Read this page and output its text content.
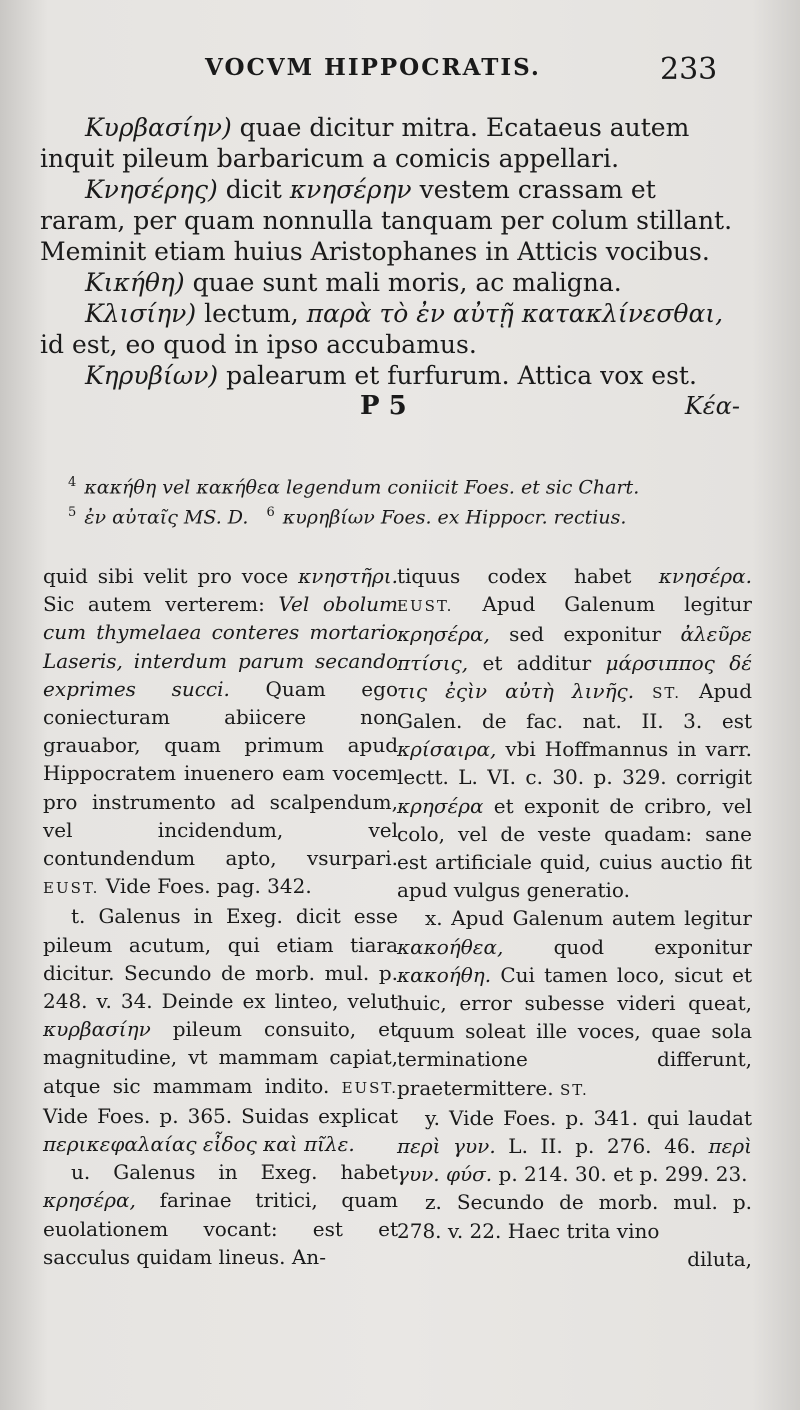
VOCVM HIPPOCRATIS.	233

Κυρβασίην) quae dicitur mitra. Ecataeus autem inquit pileum barbaricum a comicis appellari.

Κνησέρης) dicit κνησέρην vestem crassam et raram, per quam nonnulla tanquam per colum stillant. Meminit etiam huius Aristophanes in Atticis vocibus.

Κικήθη) quae sunt mali moris, ac maligna.

Κλισίην) lectum, παρὰ τὸ ἐν αὐτῇ κατακλίνεσθαι, id est, eo quod in ipso accubamus.

Κηρυβίων) palearum et furfurum. Attica vox est.

P 5	Κέα-

$^4$ κακήθη vel κακήθεα legendum coniicit Foes. et sic Chart.

$^5$ ἐν αὐταῖς MS. D. $^6$ κυρηβίων Foes. ex Hippocr. rectius.

quid sibi velit pro voce κνηστῆρι. Sic autem verterem: Vel obolum cum thymelaea conteres mortario Laseris, interdum parum secando exprimes succi. Quam ego coniecturam abiicere non grauabor, quam primum apud Hippocratem inuenero eam vocem pro instrumento ad scalpendum, vel incidendum, vel contundendum apto, vsurpari. EUST. Vide Foes. pag. 342.

t. Galenus in Exeg. dicit esse pileum acutum, qui etiam tiara dicitur. Secundo de morb. mul. p. 248. v. 34. Deinde ex linteo, velut κυρβασίην pileum consuito, et magnitudine, vt mammam capiat, atque sic mammam indito. EUST. Vide Foes. p. 365. Suidas explicat περικεφαλαίας εἶδος καὶ πῖλε.

u. Galenus in Exeg. habet κρησέρα, farinae tritici, quam euolationem vocant: est et sacculus quidam lineus. An-

tiquus codex habet κνησέρα. EUST. Apud Galenum legitur κρησέρα, sed exponitur ἀλεῦρε πτίσις, et additur μάρσιππος δέ τις ἐςὶν αὐτὴ λινῆς. ST. Apud Galen. de fac. nat. II. 3. est κρίσαιρα, vbi Hoffmannus in varr. lectt. L. VI. c. 30. p. 329. corrigit κρησέρα et exponit de cribro, vel colo, vel de veste quadam: sane est artificiale quid, cuius auctio fit apud vulgus generatio.

x. Apud Galenum autem legitur κακοήθεα, quod exponitur κακοήθη. Cui tamen loco, sicut et huic, error subesse videri queat, quum soleat ille voces, quae sola terminatione differunt, praetermittere. ST.

y. Vide Foes. p. 341. qui laudat περὶ γυν. L. II. p. 276. 46. περὶ γυν. φύσ. p. 214. 30. et p. 299. 23.

z. Secundo de morb. mul. p. 278. v. 22. Haec trita vino

diluta,
